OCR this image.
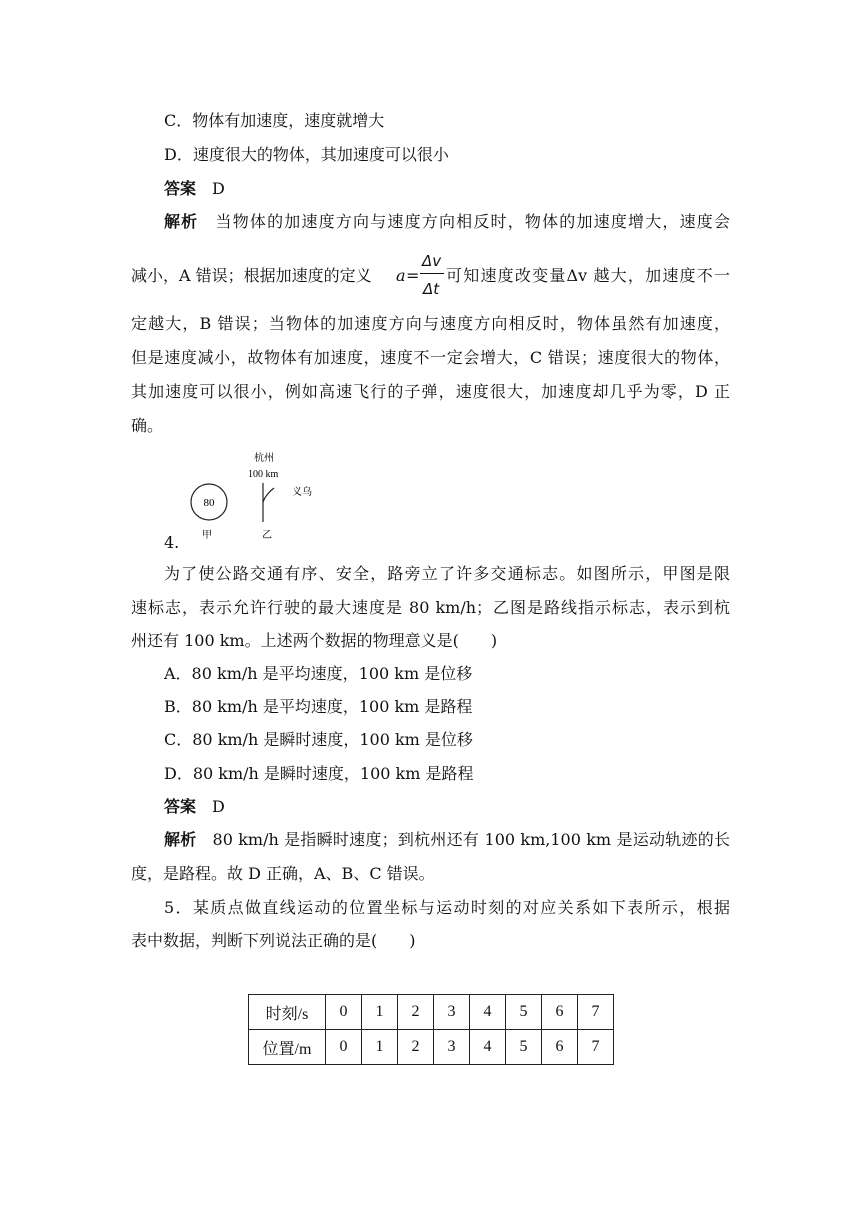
C．物体有加速度，速度就增大
D．速度很大的物体，其加速度可以很小
答案  D
解析  当物体的加速度方向与速度方向相反时，物体的加速度增大，速度会
减小，A 错误；根据加速度的定义 a =
Δv
Δt
可知速度改变量Δv 越大，加速度不一
定越大，B 错误；当物体的加速度方向与速度方向相反时，物体虽然有加速度，
但是速度减小，故物体有加速度，速度不一定会增大，C 错误；速度很大的物体，
其加速度可以很小，例如高速飞行的子弹，速度很大，加速度却几乎为零，D 正
确。
80
甲
杭州
100 km
义乌
乙
4.
为了使公路交通有序、安全，路旁立了许多交通标志。如图所示，甲图是限
速标志，表示允许行驶的最大速度是 80 km/h；乙图是路线指示标志，表示到杭
州还有 100 km。上述两个数据的物理意义是(　　)
A．80 km/h 是平均速度，100 km 是位移
B．80 km/h 是平均速度，100 km 是路程
C．80 km/h 是瞬时速度，100 km 是位移
D．80 km/h 是瞬时速度，100 km 是路程
答案  D
解析  80 km/h 是指瞬时速度；到杭州还有 100 km,100 km 是运动轨迹的长
度，是路程。故 D 正确，A、B、C 错误。
5．某质点做直线运动的位置坐标与运动时刻的对应关系如下表所示，根据
表中数据，判断下列说法正确的是(　　)
时刻/s	0	1	2	3	4	5	6	7
位置/m	0	1	2	3	4	5	6	7
